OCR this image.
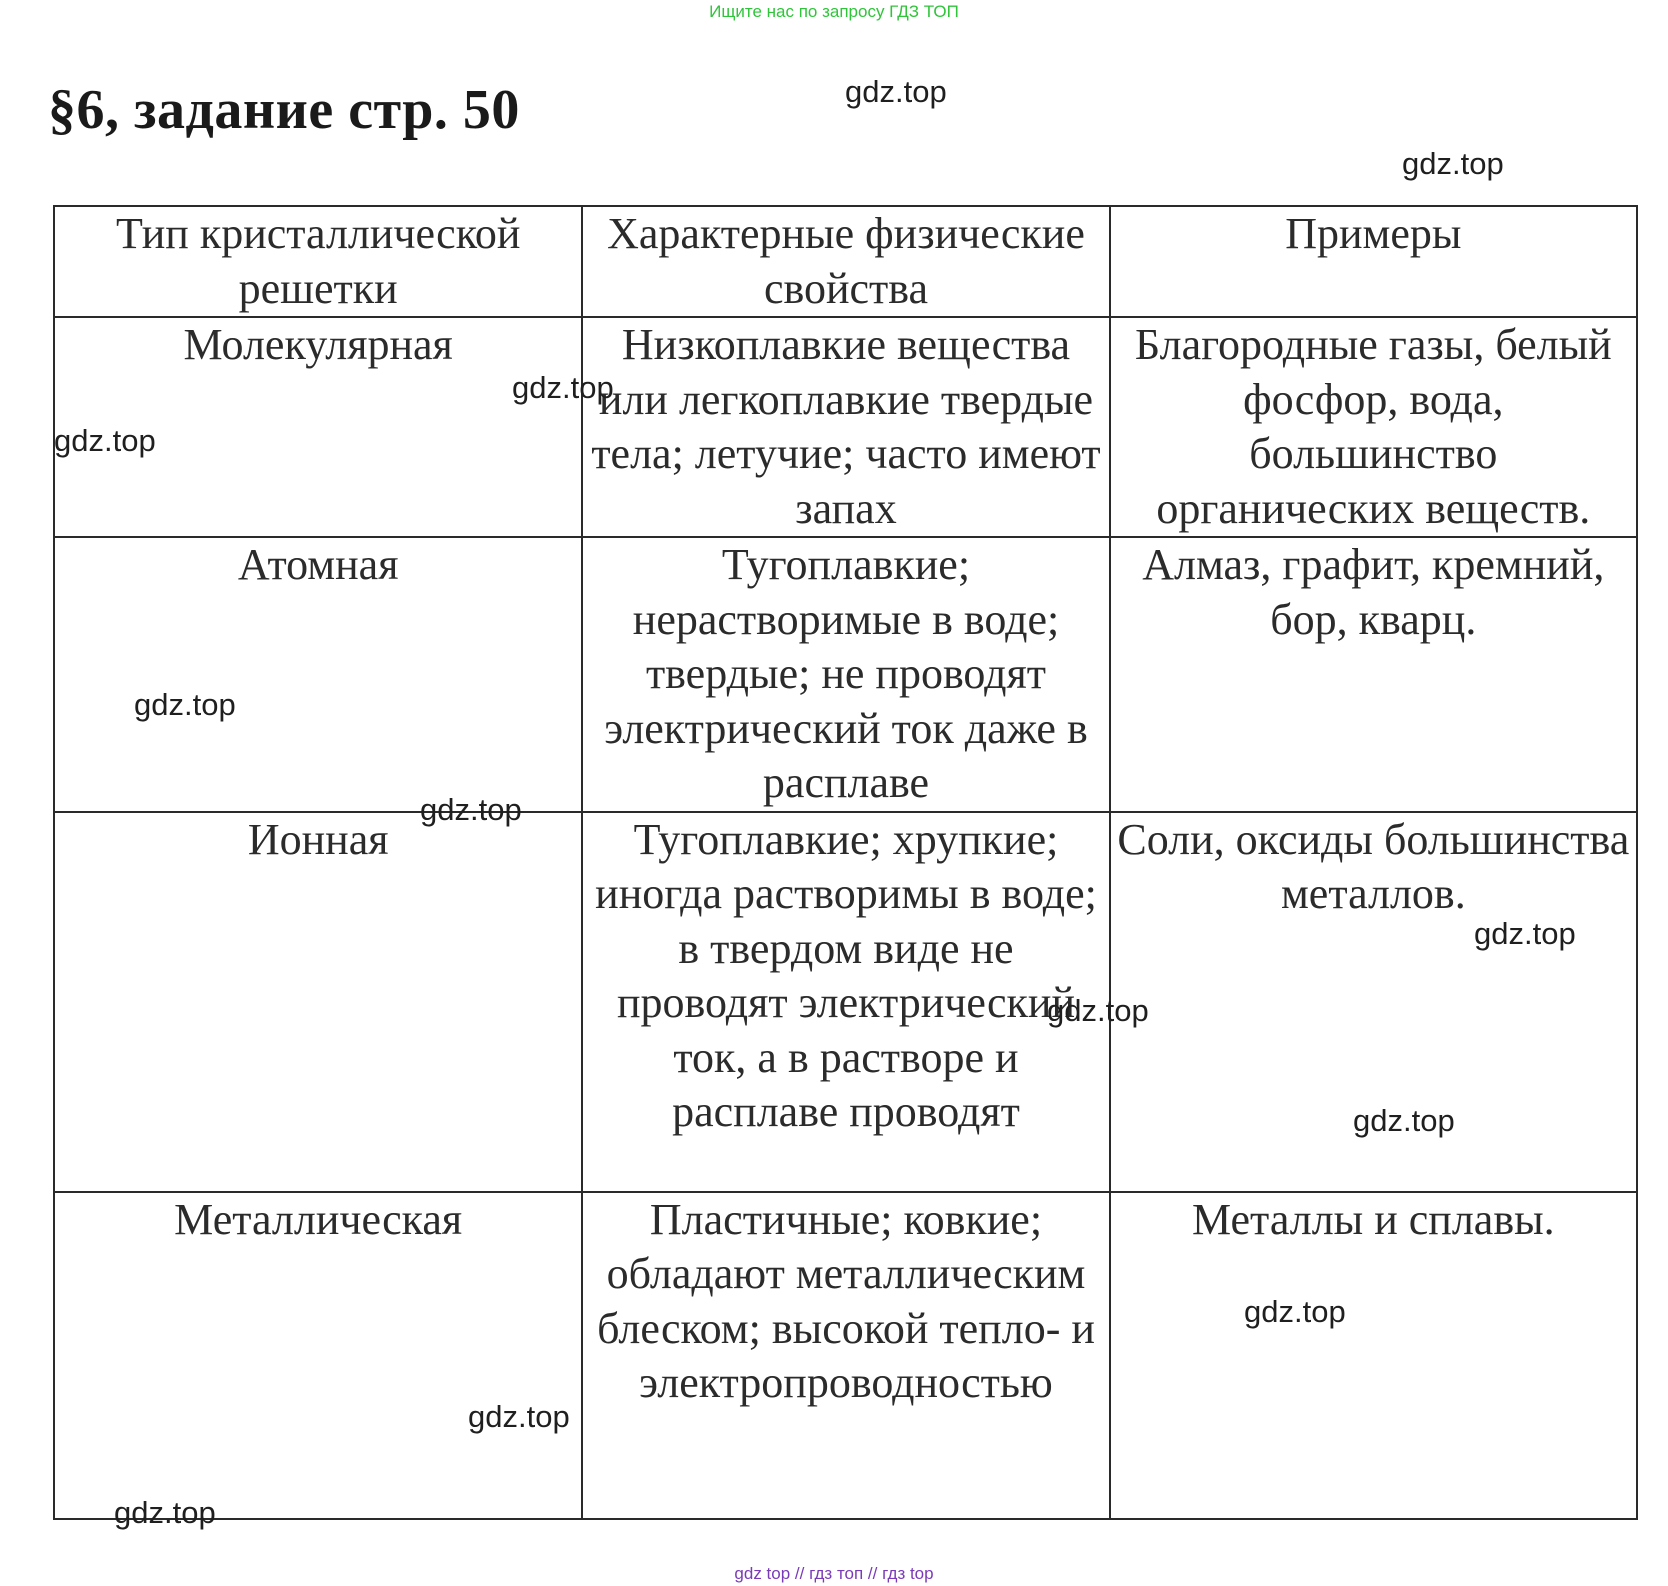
Ищите нас по запросу ГДЗ ТОП
§6, задание стр. 50
Тип кристаллической решетки	Характерные физические свойства	Примеры
Молекулярная	Низкоплавкие вещества или легкоплавкие твердые тела; летучие; часто имеют запах	Благородные газы, белый фосфор, вода, большинство органических веществ.
Атомная	Тугоплавкие; нерастворимые в воде; твердые; не проводят электрический ток даже в расплаве	Алмаз, графит, кремний, бор, кварц.
Ионная	Тугоплавкие; хрупкие; иногда растворимы в воде; в твердом виде не проводят электрический ток, а в растворе и расплаве проводят	Соли, оксиды большинства металлов.
Металлическая	Пластичные; ковкие; обладают металлическим блеском; высокой тепло- и электропроводностью	Металлы и сплавы.
gdz.top
gdz.top
gdz.top
gdz.top
gdz.top
gdz.top
gdz.top
gdz.top
gdz.top
gdz.top
gdz.top
gdz.top
gdz top // гдз топ // гдз top
